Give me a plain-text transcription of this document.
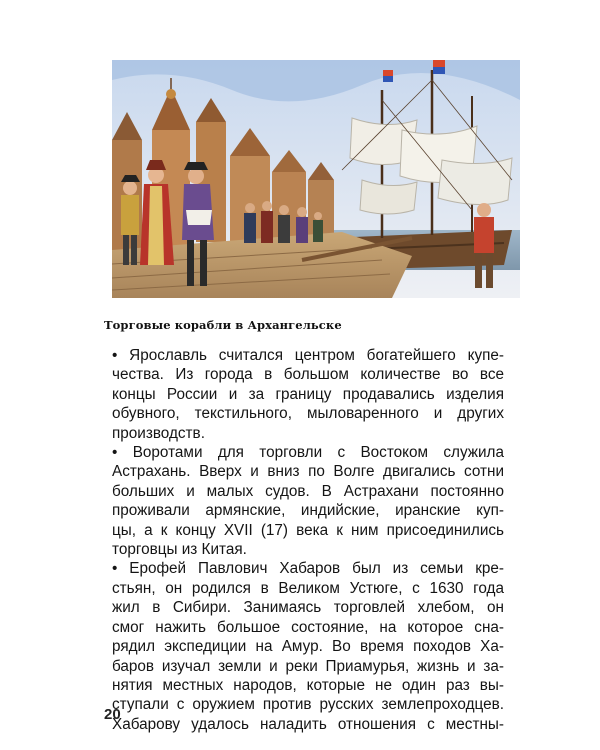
Торговые корабли в Архангельске
• Ярославль считался центром богатейшего купе-
чества. Из города в большом количестве во все
концы России и за границу продавались изделия
обувного, текстильного, мыловаренного и других
производств.
• Воротами для торговли с Востоком служила
Астрахань. Вверх и вниз по Волге двигались сотни
больших и малых судов. В Астрахани постоянно
проживали армянские, индийские, иранские куп-
цы, а к концу XVII (17) века к ним присоединились
торговцы из Китая.
• Ерофей Павлович Хабаров был из семьи кре-
стьян, он родился в Великом Устюге, с 1630 года
жил в Сибири. Занимаясь торговлей хлебом, он
смог нажить большое состояние, на которое сна-
рядил экспедиции на Амур. Во время походов Ха-
баров изучал земли и реки Приамурья, жизнь и за-
нятия местных народов, которые не один раз вы-
ступали с оружием против русских землепроходцев.
Хабарову удалось наладить отношения с местны-
20
